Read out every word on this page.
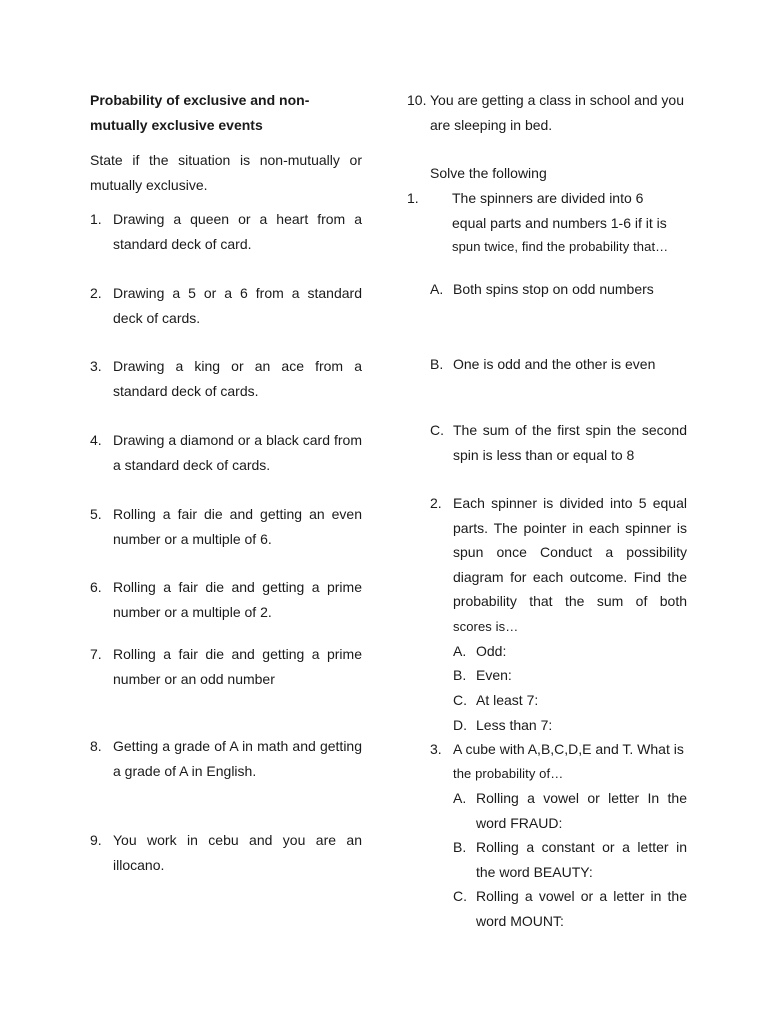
Probability of exclusive and non-mutually exclusive events
State if the situation is non-mutually or mutually exclusive.
1. Drawing a queen or a heart from a standard deck of card.
2. Drawing a 5 or a 6 from a standard deck of cards.
3. Drawing a king or an ace from a standard deck of cards.
4. Drawing a diamond or a black card from a standard deck of cards.
5. Rolling a fair die and getting an even number or a multiple of 6.
6. Rolling a fair die and getting a prime number or a multiple of 2.
7. Rolling a fair die and getting a prime number or an odd number
8. Getting a grade of A in math and getting a grade of A in English.
9. You work in cebu and you are an illocano.
10. You are getting a class in school and you are sleeping in bed.
Solve the following
1. The spinners are divided into 6
equal parts and numbers 1-6 if it is
spun twice, find the probability that…
A. Both spins stop on odd numbers
B. One is odd and the other is even
C. The sum of the first spin the second spin is less than or equal to 8
2. Each spinner is divided into 5 equal parts. The pointer in each spinner is spun once Conduct a possibility diagram for each outcome. Find the probability that the sum of both
scores is…
A. Odd:
B. Even:
C. At least 7:
D. Less than 7:
3. A cube with A,B,C,D,E and T. What is
the probability of…
A. Rolling a vowel or letter In the word FRAUD:
B. Rolling a constant or a letter in the word BEAUTY:
C. Rolling a vowel or a letter in the word MOUNT:
